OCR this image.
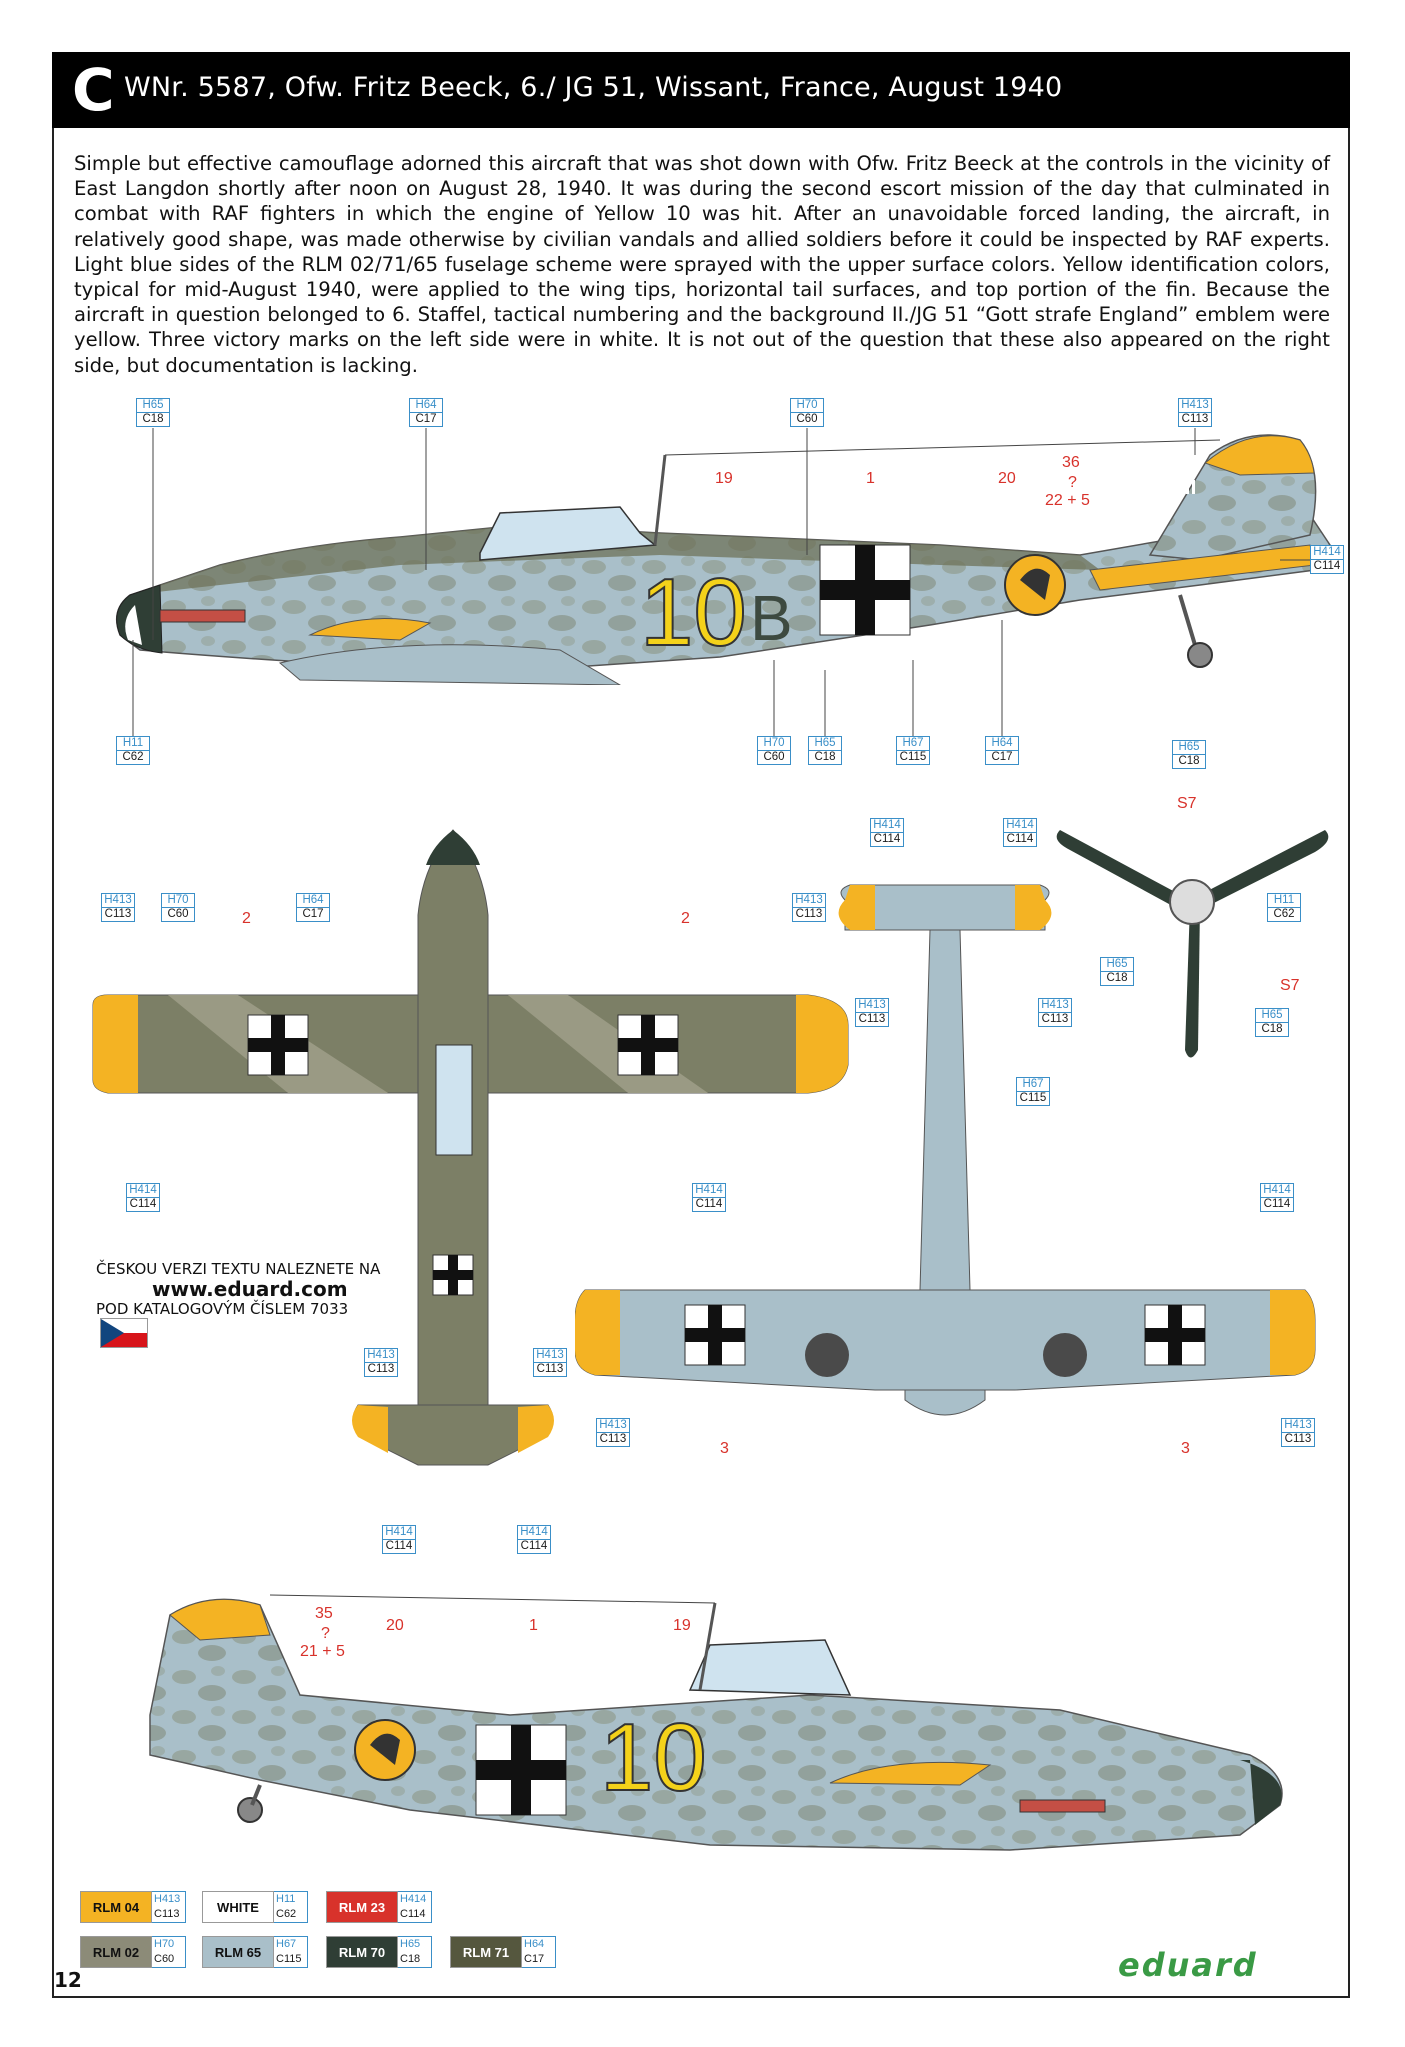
C WNr. 5587, Ofw. Fritz Beeck, 6./ JG 51, Wissant, France, August 1940
Simple but effective camouflage adorned this aircraft that was shot down with Ofw. Fritz Beeck at the controls in the vicinity of East Langdon shortly after noon on August 28, 1940. It was during the second escort mission of the day that culminated in combat with RAF fighters in which the engine of Yellow 10 was hit. After an unavoidable forced landing, the aircraft, in relatively good shape, was made otherwise by civilian vandals and allied soldiers before it could be inspected by RAF experts. Light blue sides of the RLM 02/71/65 fuselage scheme were sprayed with the upper surface colors. Yellow identification colors, typical for mid-August 1940, were applied to the wing tips, horizontal tail surfaces, and top portion of the fin. Because the aircraft in question belonged to 6. Staffel, tactical numbering and the background II./JG 51 “Gott strafe England” emblem were yellow. Three victory marks on the left side were in white. It is not out of the question that these also appeared on the right side, but documentation is lacking.
10 B
H65
C18
H64
C17
H70
C60
H413
C113
H414
C114
H11
C62
H70
C60
H65
C18
H67
C115
H64
C17
19	1	20
36
?
22 + 5
H413
C113
H70
C60
H64
C17
H413
C113
H414
C114
H413
C113
H413
C113
H414
C114
H414
C114
2	2
H65
C18
H11
C62
H65
C18
H65
C18
S7
S7
H414
C114
H414
C114
H413
C113
H413
C113
H67
C115
H414
C114
H414
C114
H413
C113
H413
C113
3	3
ČESKOU VERZI TEXTU NALEZNETE NA
www.eduard.com
POD KATALOGOVÝM ČÍSLEM 7033
10
35
?
21 + 5
20	1	19
RLM 04
H413
C113	WHITE
H11
C62	RLM 23
H414
C114
RLM 02
H70
C60	RLM 65
H67
C115	RLM 70
H65
C18	RLM 71
H64
C17
12	eduard
